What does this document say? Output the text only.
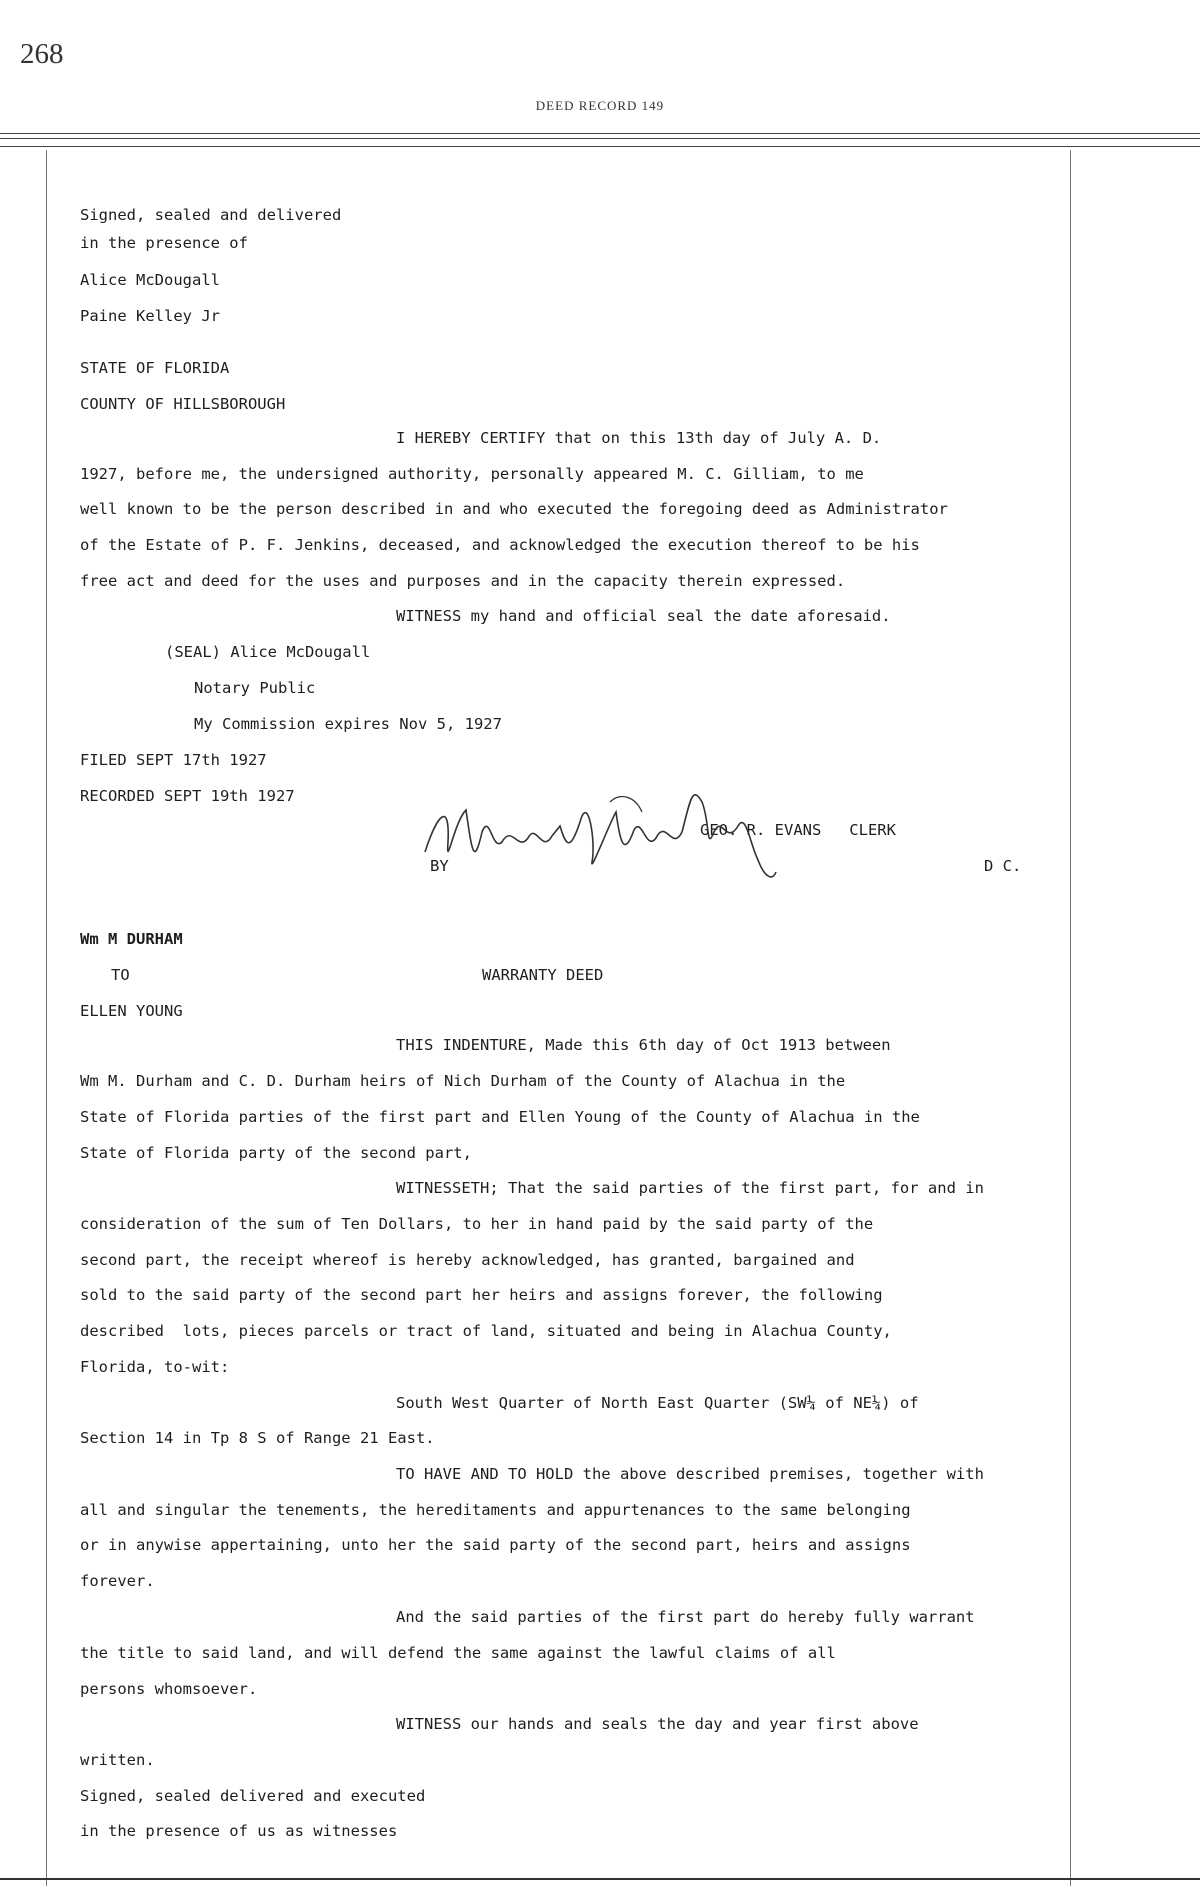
268
DEED RECORD 149
Signed, sealed and delivered
in the presence of
Alice McDougall
Paine Kelley Jr
STATE OF FLORIDA
COUNTY OF HILLSBOROUGH
I HEREBY CERTIFY that on this 13th day of July A. D.
1927, before me, the undersigned authority, personally appeared M. C. Gilliam, to me
well known to be the person described in and who executed the foregoing deed as Administrator
of the Estate of P. F. Jenkins, deceased, and acknowledged the execution thereof to be his
free act and deed for the uses and purposes and in the capacity therein expressed.
WITNESS my hand and official seal the date aforesaid.
(SEAL) Alice McDougall
Notary Public
My Commission expires Nov 5, 1927
FILED SEPT 17th 1927
RECORDED SEPT 19th 1927
GEO. R. EVANS   CLERK
BY	D C.
Wm M DURHAM
TO	WARRANTY DEED
ELLEN YOUNG
THIS INDENTURE, Made this 6th day of Oct 1913 between
Wm M. Durham and C. D. Durham heirs of Nich Durham of the County of Alachua in the
State of Florida parties of the first part and Ellen Young of the County of Alachua in the
State of Florida party of the second part,
WITNESSETH; That the said parties of the first part, for and in
consideration of the sum of Ten Dollars, to her in hand paid by the said party of the
second part, the receipt whereof is hereby acknowledged, has granted, bargained and
sold to the said party of the second part her heirs and assigns forever, the following
described  lots, pieces parcels or tract of land, situated and being in Alachua County,
Florida, to-wit:
South West Quarter of North East Quarter (SW¼ of NE¼) of
Section 14 in Tp 8 S of Range 21 East.
TO HAVE AND TO HOLD the above described premises, together with
all and singular the tenements, the hereditaments and appurtenances to the same belonging
or in anywise appertaining, unto her the said party of the second part, heirs and assigns
forever.
And the said parties of the first part do hereby fully warrant
the title to said land, and will defend the same against the lawful claims of all
persons whomsoever.
WITNESS our hands and seals the day and year first above
written.
Signed, sealed delivered and executed
in the presence of us as witnesses
